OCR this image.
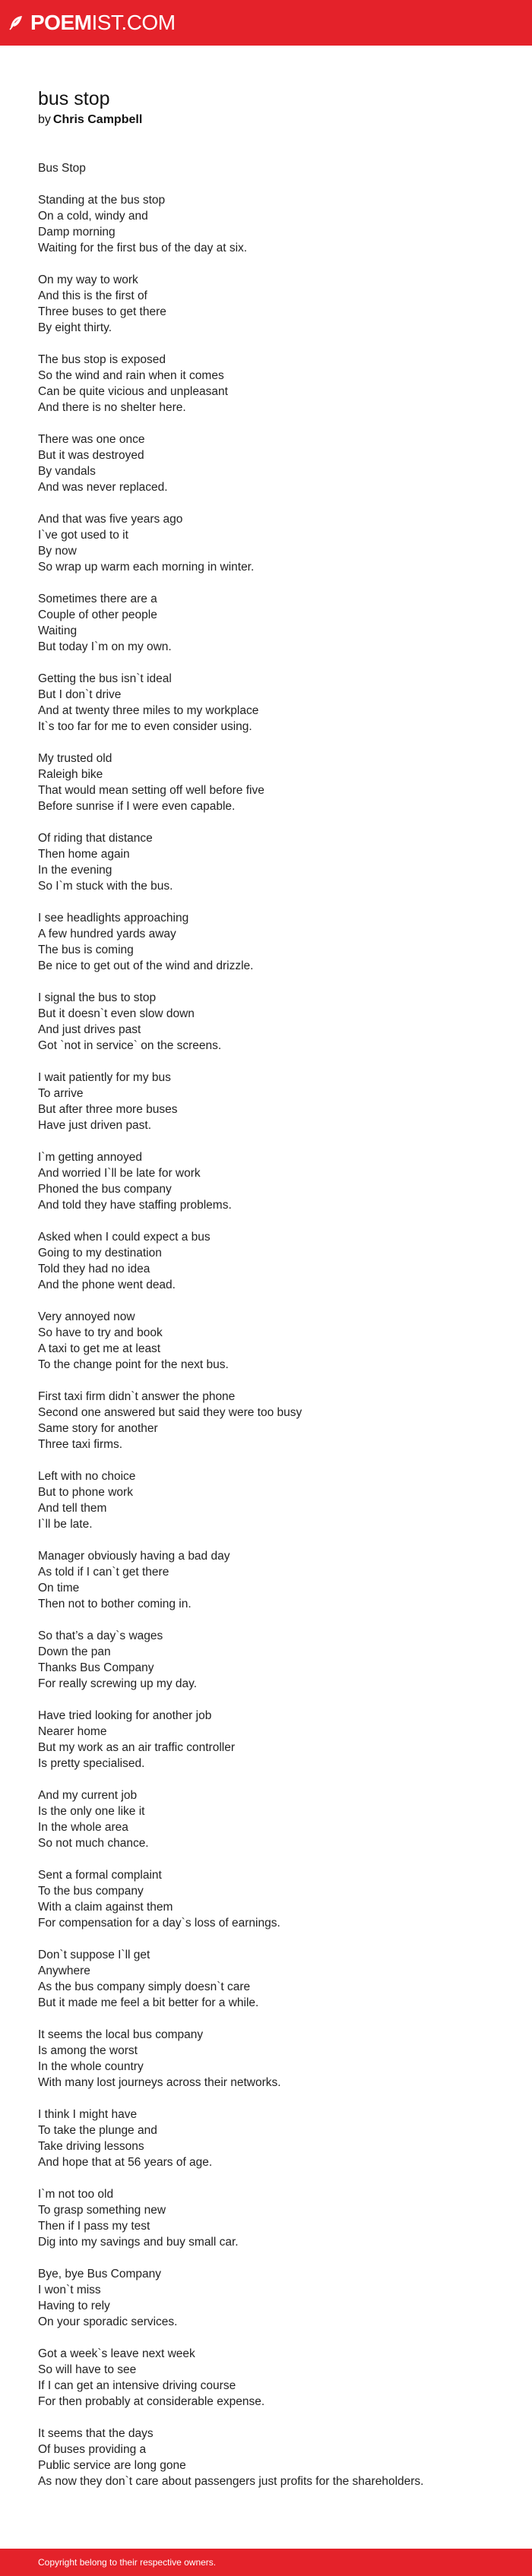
POEMIST.COM
bus stop
by Chris Campbell
Bus Stop
Standing at the bus stop
On a cold, windy and
Damp morning
Waiting for the first bus of the day at six.
On my way to work
And this is the first of
Three buses to get there
By eight thirty.
The bus stop is exposed
So the wind and rain when it comes
Can be quite vicious and unpleasant
And there is no shelter here.
There was one once
But it was destroyed
By vandals
And was never replaced.
And that was five years ago
I`ve got used to it
By now
So wrap up warm each morning in winter.
Sometimes there are a
Couple of other people
Waiting
But today I`m on my own.
Getting the bus isn`t ideal
But I don`t drive
And at twenty three miles to my workplace
It`s too far for me to even consider using.
My trusted old
Raleigh bike
That would mean setting off well before five
Before sunrise if I were even capable.
Of riding that distance
Then home again
In the evening
So I`m stuck with the bus.
I see headlights approaching
A few hundred yards away
The bus is coming
Be nice to get out of the wind and drizzle.
I signal the bus to stop
But it doesn`t even slow down
And just drives past
Got `not in service` on the screens.
I wait patiently for my bus
To arrive
But after three more buses
Have just driven past.
I`m getting annoyed
And worried I`ll be late for work
Phoned the bus company
And told they have staffing problems.
Asked when I could expect a bus
Going to my destination
Told they had no idea
And the phone went dead.
Very annoyed now
So have to try and book
A taxi to get me at least
To the change point for the next bus.
First taxi firm didn`t answer the phone
Second one answered but said they were too busy
Same story for another
Three taxi firms.
Left with no choice
But to phone work
And tell them
I`ll be late.
Manager obviously having a bad day
As told if I can`t get there
On time
Then not to bother coming in.
So that’s a day`s wages
Down the pan
Thanks Bus Company
For really screwing up my day.
Have tried looking for another job
Nearer home
But my work as an air traffic controller
Is pretty specialised.
And my current job
Is the only one like it
In the whole area
So not much chance.
Sent a formal complaint
To the bus company
With a claim against them
For compensation for a day`s loss of earnings.
Don`t suppose I`ll get
Anywhere
As the bus company simply doesn`t care
But it made me feel a bit better for a while.
It seems the local bus company
Is among the worst
In the whole country
With many lost journeys across their networks.
I think I might have
To take the plunge and
Take driving lessons
And hope that at 56 years of age.
I`m not too old
To grasp something new
Then if I pass my test
Dig into my savings and buy small car.
Bye, bye Bus Company
I won`t miss
Having to rely
On your sporadic services.
Got a week`s leave next week
So will have to see
If I can get an intensive driving course
For then probably at considerable expense.
It seems that the days
Of buses providing a
Public service are long gone
As now they don`t care about passengers just profits for the shareholders.
Copyright belong to their respective owners.
